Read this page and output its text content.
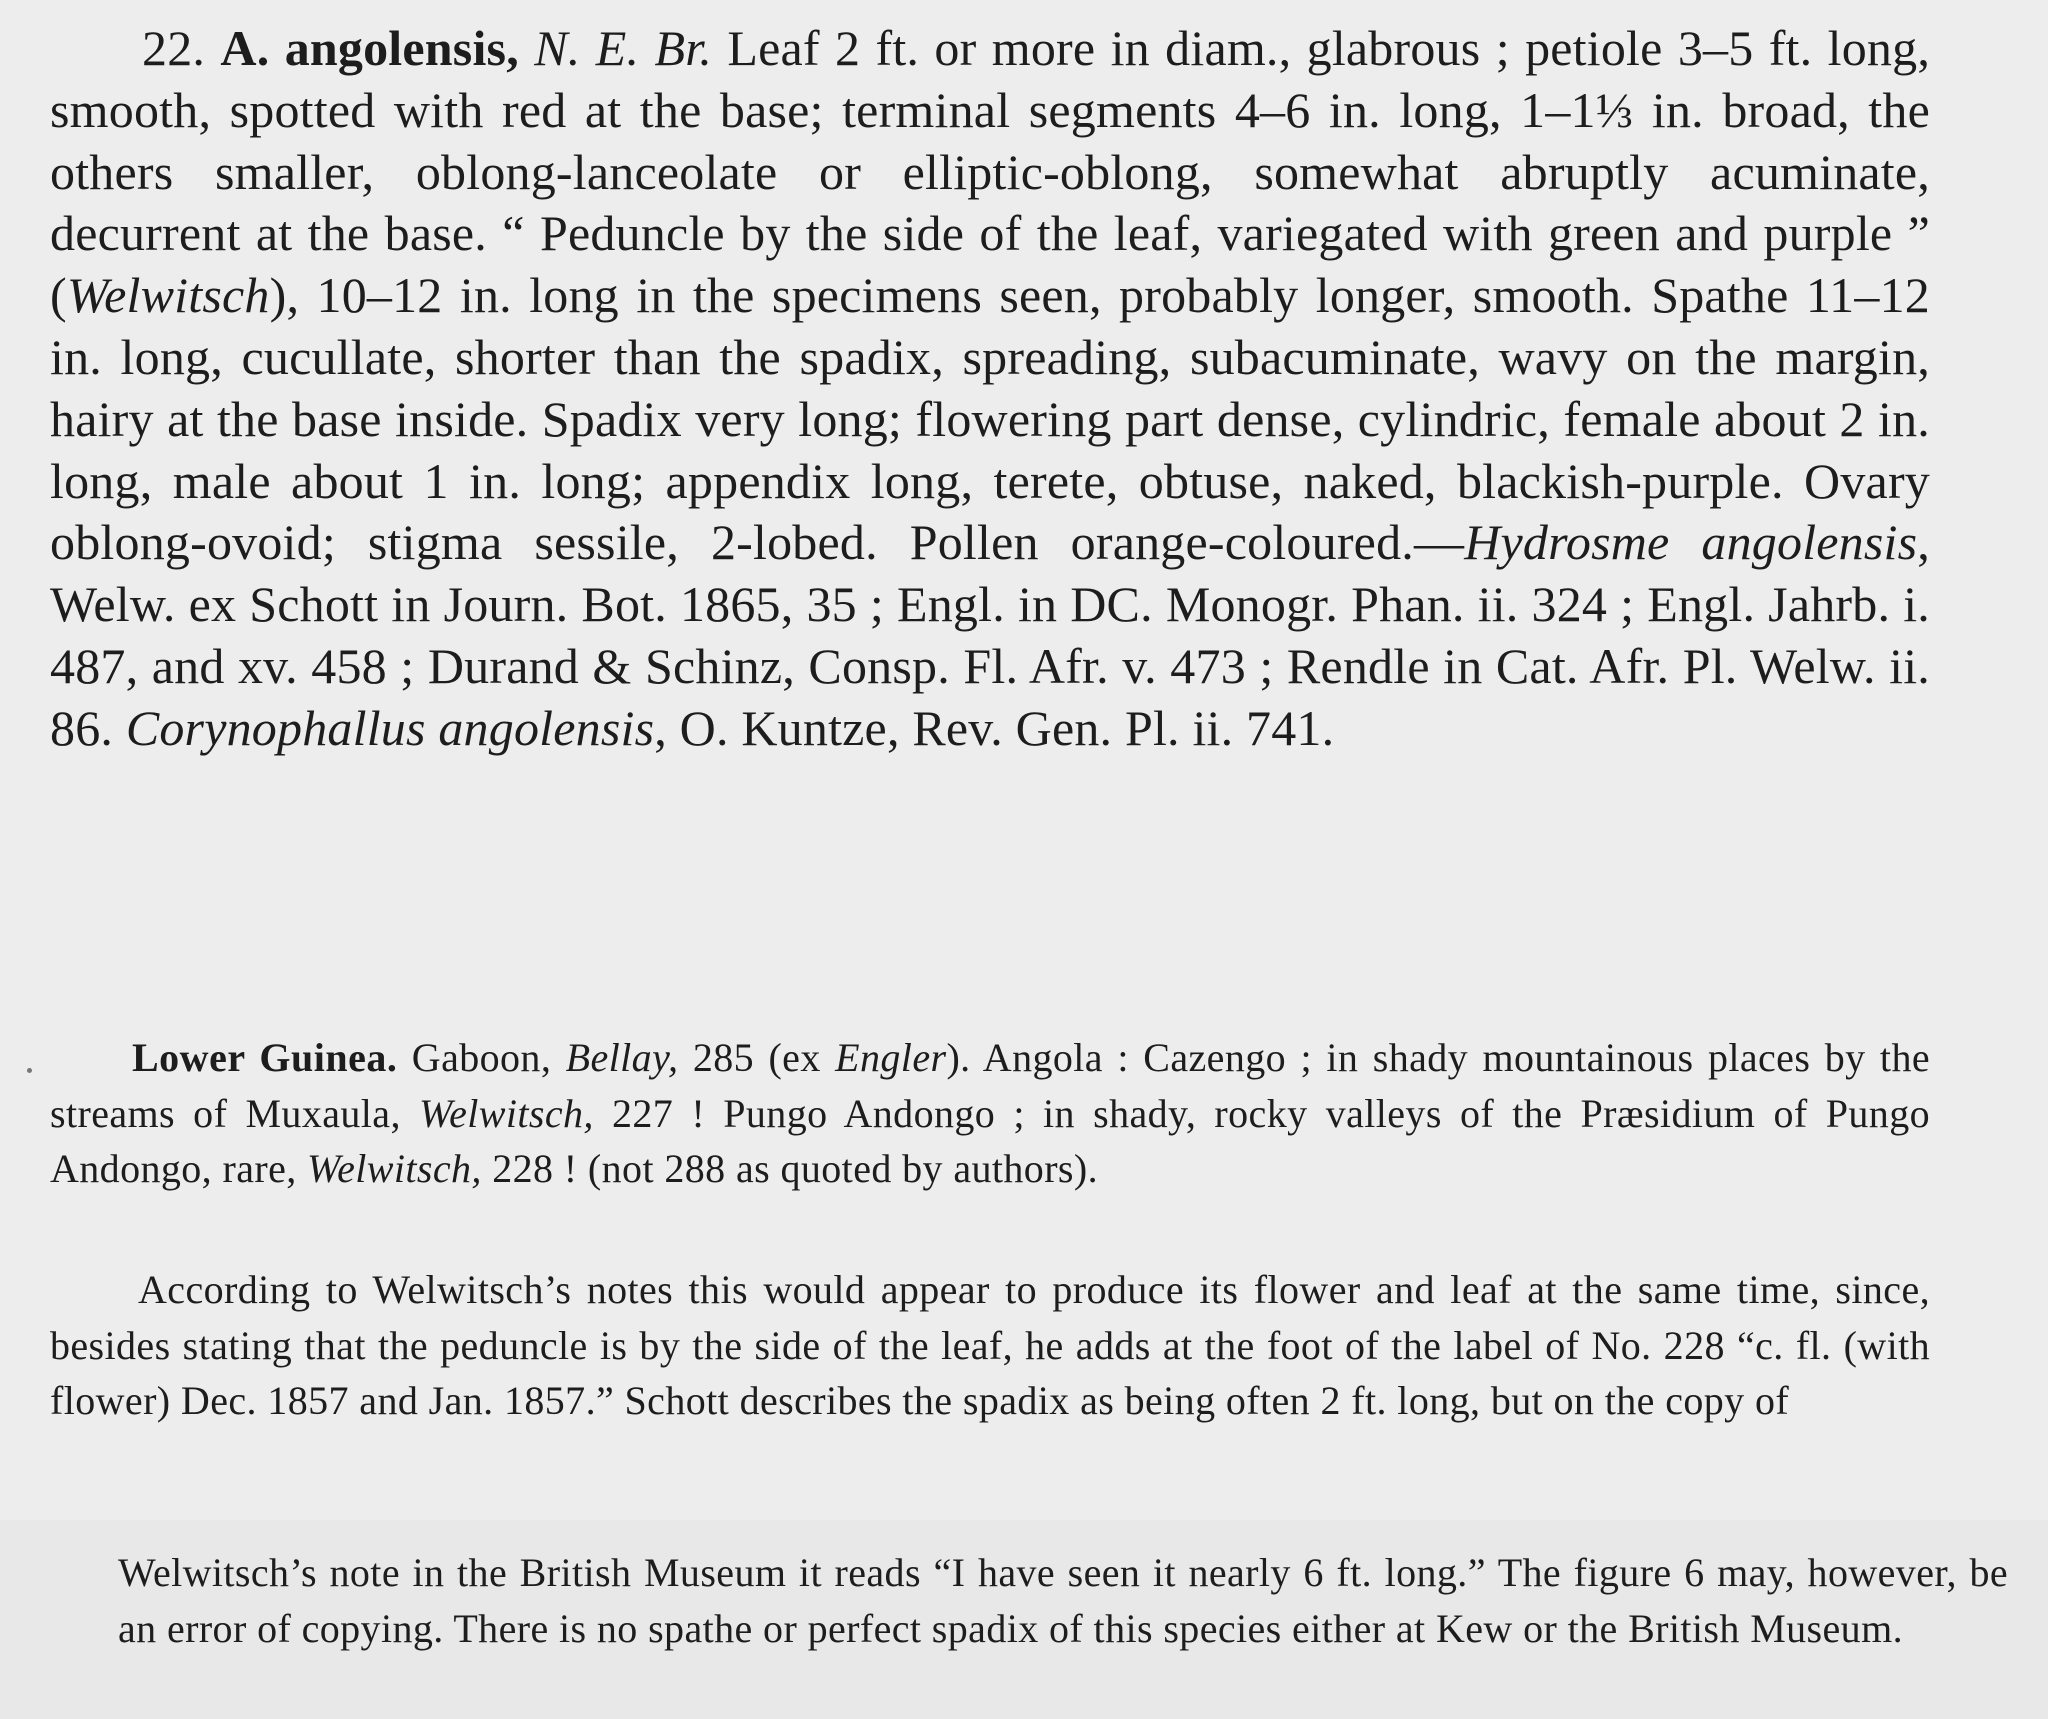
22. A. angolensis, N. E. Br. Leaf 2 ft. or more in diam., glabrous ; petiole 3–5 ft. long, smooth, spotted with red at the base; terminal segments 4–6 in. long, 1–1⅓ in. broad, the others smaller, oblong-lanceolate or elliptic-oblong, somewhat abruptly acuminate, decurrent at the base. “ Peduncle by the side of the leaf, variegated with green and purple ” (Welwitsch), 10–12 in. long in the specimens seen, probably longer, smooth. Spathe 11–12 in. long, cucullate, shorter than the spadix, spreading, subacuminate, wavy on the margin, hairy at the base inside. Spadix very long; flowering part dense, cylindric, female about 2 in. long, male about 1 in. long; appendix long, terete, obtuse, naked, blackish-purple. Ovary oblong-ovoid; stigma sessile, 2-lobed. Pollen orange-coloured.—Hydrosme angolensis, Welw. ex Schott in Journ. Bot. 1865, 35 ; Engl. in DC. Monogr. Phan. ii. 324 ; Engl. Jahrb. i. 487, and xv. 458 ; Durand & Schinz, Consp. Fl. Afr. v. 473 ; Rendle in Cat. Afr. Pl. Welw. ii. 86. Corynophallus angolensis, O. Kuntze, Rev. Gen. Pl. ii. 741.

Lower Guinea. Gaboon, Bellay, 285 (ex Engler). Angola : Cazengo ; in shady mountainous places by the streams of Muxaula, Welwitsch, 227 ! Pungo Andongo ; in shady, rocky valleys of the Præsidium of Pungo Andongo, rare, Welwitsch, 228 ! (not 288 as quoted by authors).

According to Welwitsch’s notes this would appear to produce its flower and leaf at the same time, since, besides stating that the peduncle is by the side of the leaf, he adds at the foot of the label of No. 228 “c. fl. (with flower) Dec. 1857 and Jan. 1857.” Schott describes the spadix as being often 2 ft. long, but on the copy of

Welwitsch’s note in the British Museum it reads “I have seen it nearly 6 ft. long.” The figure 6 may, however, be an error of copying. There is no spathe or perfect spadix of this species either at Kew or the British Museum.
